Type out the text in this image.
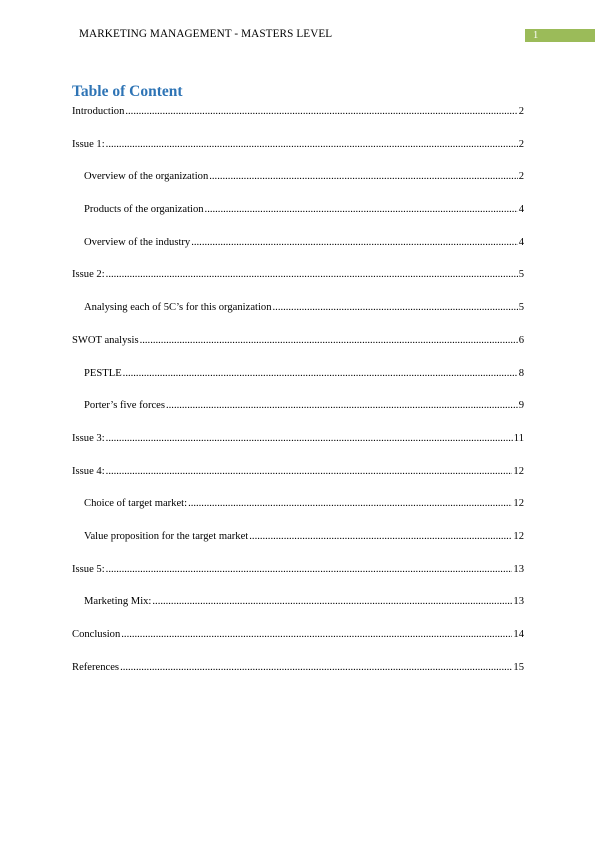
MARKETING MANAGEMENT - MASTERS LEVEL	1
Table of Content
Introduction .....	2
Issue 1: .....	2
Overview of the organization .....	2
Products of the organization .....	4
Overview of the industry .....	4
Issue 2: .....	5
Analysing each of 5C’s for this organization .....	5
SWOT analysis .....	6
PESTLE .....	8
Porter’s five forces .....	9
Issue 3: .....	11
Issue 4: .....	12
Choice of target market: .....	12
Value proposition for the target market .....	12
Issue 5: .....	13
Marketing Mix: .....	13
Conclusion .....	14
References .....	15
